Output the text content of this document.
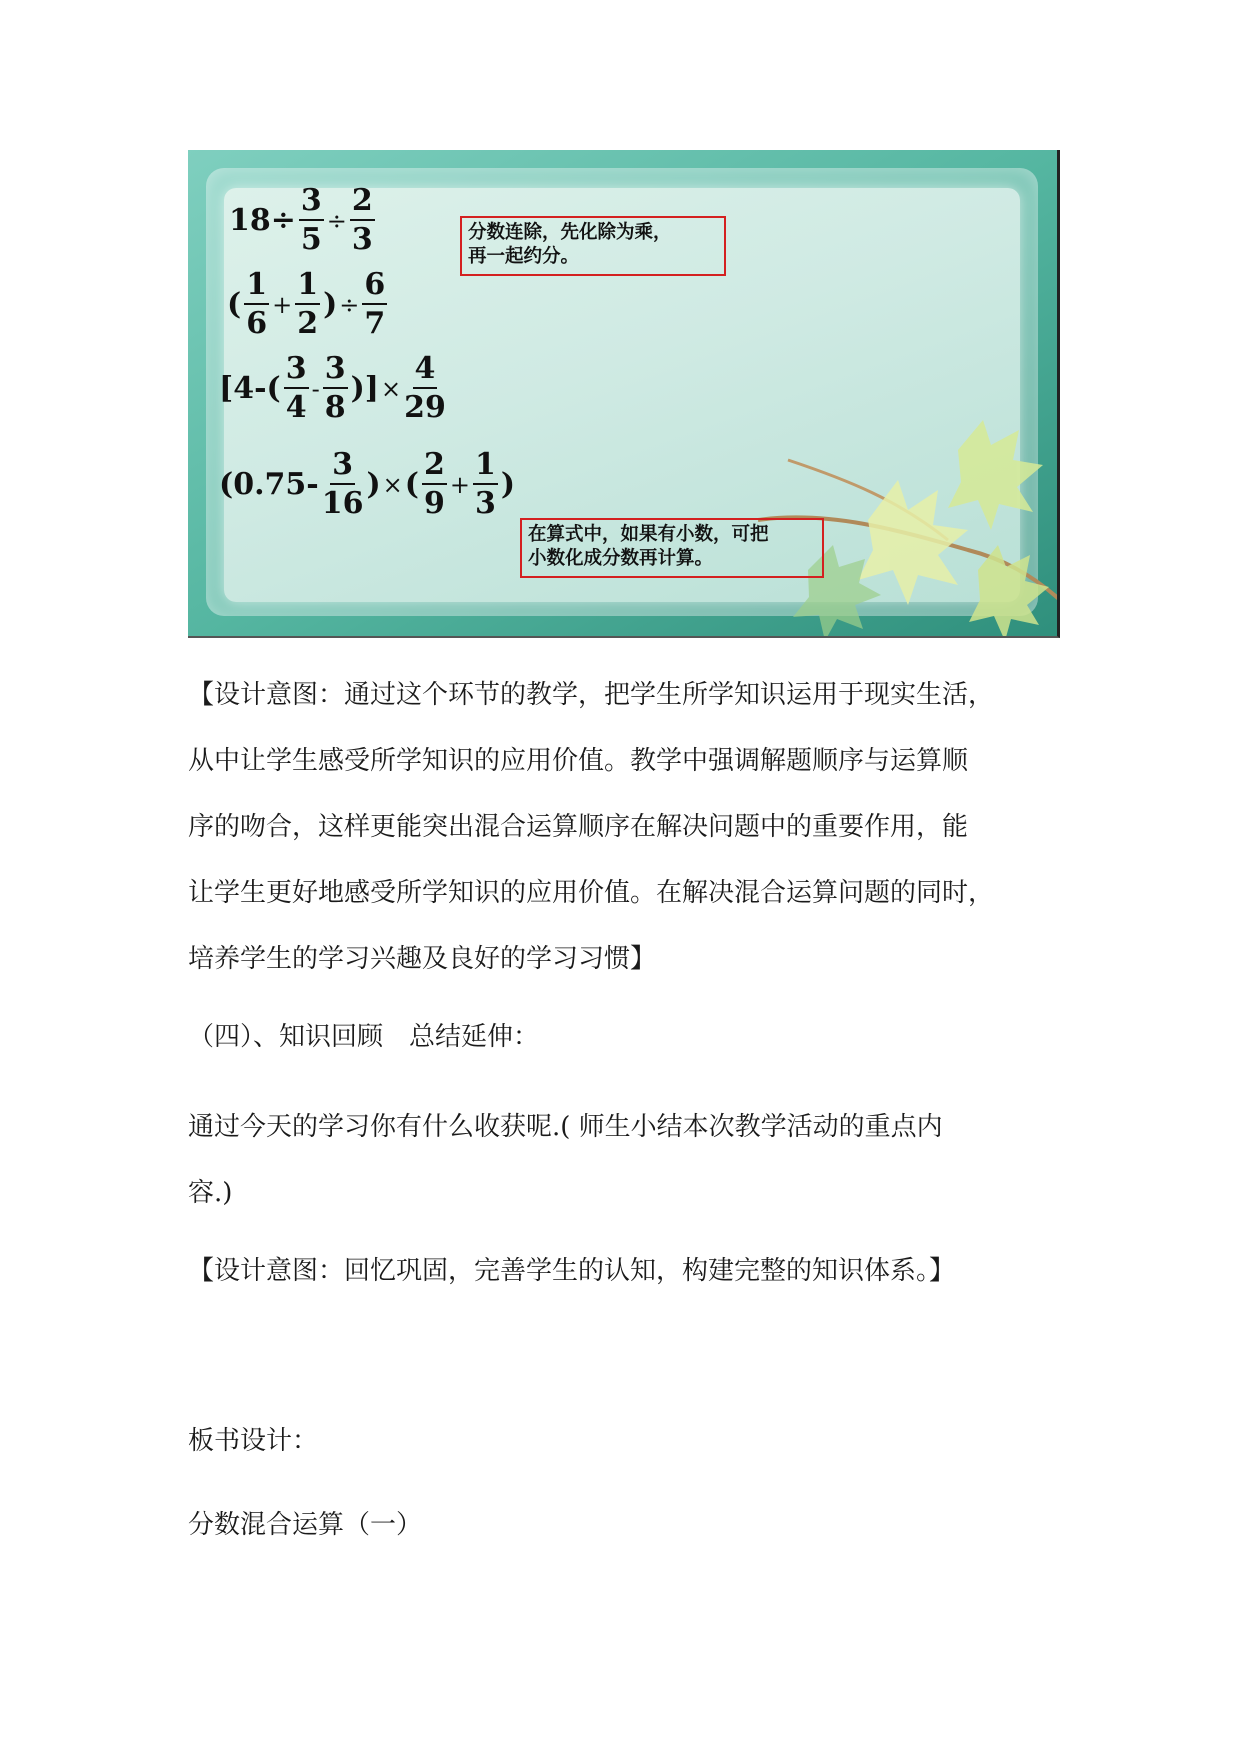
$18\div \frac{3}{5} \div \frac{2}{3}$
( $\frac{1}{6} + \frac{1}{2}$ ) ÷ $\frac{6}{7}$
[$4-( \frac{3}{4} - \frac{3}{8}$ )] × $\frac{4}{29}$
($0.75- \frac{3}{16}$ ) × ( $\frac{2}{9} + \frac{1}{3}$ )
分数连除，先化除为乘，
再一起约分。
在算式中，如果有小数，可把
小数化成分数再计算。
【设计意图：通过这个环节的教学，把学生所学知识运用于现实生活，
从中让学生感受所学知识的应用价值。教学中强调解题顺序与运算顺
序的吻合，这样更能突出混合运算顺序在解决问题中的重要作用，能
让学生更好地感受所学知识的应用价值。在解决混合运算问题的同时，
培养学生的学习兴趣及良好的学习习惯】
（四）、知识回顾　总结延伸：
通过今天的学习你有什么收获呢.( 师生小结本次教学活动的重点内
容.)
【设计意图：回忆巩固，完善学生的认知，构建完整的知识体系。】
板书设计：
分数混合运算（一）
